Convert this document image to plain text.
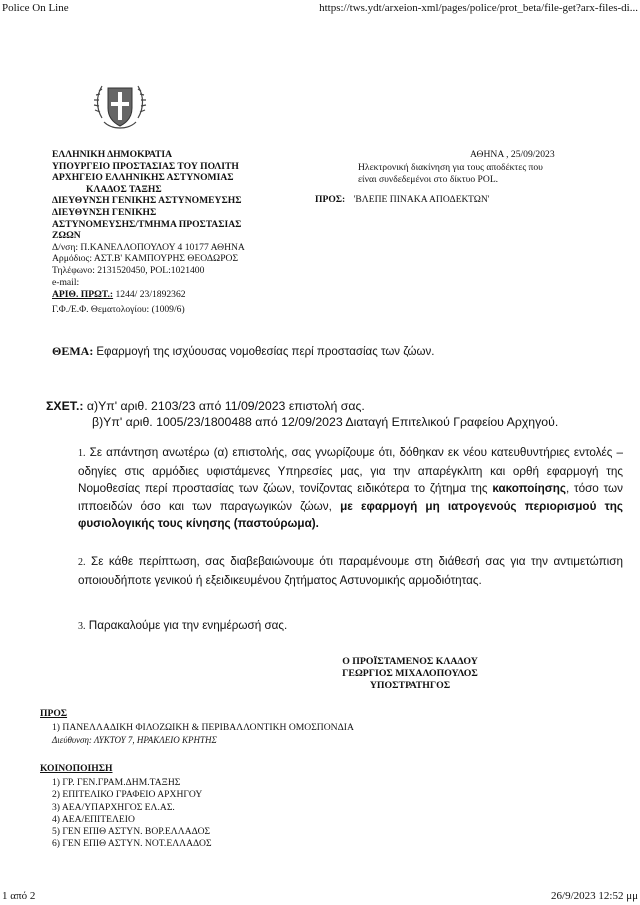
Police On Line	https://tws.ydt/arxeion-xml/pages/police/prot_beta/file-get?arx-files-di...
ΕΛΛΗΝΙΚΗ ΔΗΜΟΚΡΑΤΙΑ
ΥΠΟΥΡΓΕΙΟ ΠΡΟΣΤΑΣΙΑΣ ΤΟΥ ΠΟΛΙΤΗ
ΑΡΧΗΓΕΙΟ ΕΛΛΗΝΙΚΗΣ ΑΣΤΥΝΟΜΙΑΣ
ΚΛΑΔΟΣ ΤΑΞΗΣ
ΔΙΕΥΘΥΝΣΗ ΓΕΝΙΚΗΣ ΑΣΤΥΝΟΜΕΥΣΗΣ
ΔΙΕΥΘΥΝΣΗ ΓΕΝΙΚΗΣ
ΑΣΤΥΝΟΜΕΥΣΗΣ/ΤΜΗΜΑ ΠΡΟΣΤΑΣΙΑΣ
ΖΩΩΝ
Δ/νση: Π.ΚΑΝΕΛΛΟΠΟΥΛΟΥ 4 10177 ΑΘΗΝΑ
Αρμόδιος: ΑΣΤ.Β' ΚΑΜΠΟΥΡΗΣ ΘΕΟΔΩΡΟΣ
Τηλέφωνο: 2131520450, POL:1021400
e-mail:
ΑΡΙΘ. ΠΡΩΤ.: 1244/ 23/1892362
Γ.Φ./Ε.Φ. Θεματολογίου: (1009/6)
ΑΘΗΝΑ , 25/09/2023
Ηλεκτρονική διακίνηση για τους αποδέκτες που
είναι συνδεδεμένοι στο δίκτυο POL.
ΠΡΟΣ: 'ΒΛΕΠΕ ΠΙΝΑΚΑ ΑΠΟΔΕΚΤΩΝ'
ΘΕΜΑ: Εφαρμογή της ισχύουσας νομοθεσίας περί προστασίας των ζώων.
ΣΧΕΤ.: α)Υπ' αριθ. 2103/23 από 11/09/2023 επιστολή σας.
β)Υπ' αριθ. 1005/23/1800488 από 12/09/2023 Διαταγή Επιτελικού Γραφείου Αρχηγού.
1. Σε απάντηση ανωτέρω (α) επιστολής, σας γνωρίζουμε ότι, δόθηκαν εκ νέου κατευθυντήριες εντολές – οδηγίες στις αρμόδιες υφιστάμενες Υπηρεσίες μας, για την απαρέγκλιτη και ορθή εφαρμογή της Νομοθεσίας περί προστασίας των ζώων, τονίζοντας ειδικότερα το ζήτημα της κακοποίησης, τόσο των ιπποειδών όσο και των παραγωγικών ζώων, με εφαρμογή μη ιατρογενούς περιορισμού της φυσιολογικής τους κίνησης (παστούρωμα).
2. Σε κάθε περίπτωση, σας διαβεβαιώνουμε ότι παραμένουμε στη διάθεσή σας για την αντιμετώπιση οποιουδήποτε γενικού ή εξειδικευμένου ζητήματος Αστυνομικής αρμοδιότητας.
3. Παρακαλούμε για την ενημέρωσή σας.
Ο ΠΡΟΪΣΤΑΜΕΝΟΣ ΚΛΑΔΟΥ
ΓΕΩΡΓΙΟΣ ΜΙΧΑΛΟΠΟΥΛΟΣ
ΥΠΟΣΤΡΑΤΗΓΟΣ
ΠΡΟΣ
1) ΠΑΝΕΛΛΑΔΙΚΗ ΦΙΛΟΖΩΙΚΗ & ΠΕΡΙΒΑΛΛΟΝΤΙΚΗ ΟΜΟΣΠΟΝΔΙΑ
Διεύθυνση: ΛΥΚΤΟΥ 7, ΗΡΑΚΛΕΙΟ ΚΡΗΤΗΣ
ΚΟΙΝΟΠΟΙΗΣΗ
1) ΓΡ. ΓΕΝ.ΓΡΑΜ.ΔΗΜ.ΤΑΞΗΣ
2) ΕΠΙΤΕΛΙΚΟ ΓΡΑΦΕΙΟ ΑΡΧΗΓΟΥ
3) ΑΕΑ/ΥΠΑΡΧΗΓΟΣ ΕΛ.ΑΣ.
4) ΑΕΑ/ΕΠΙΤΕΛΕΙΟ
5) ΓΕΝ ΕΠΙΘ ΑΣΤΥΝ. ΒΟΡ.ΕΛΛΑΔΟΣ
6) ΓΕΝ ΕΠΙΘ ΑΣΤΥΝ. ΝΟΤ.ΕΛΛΑΔΟΣ
1 από 2	26/9/2023 12:52 μμ
